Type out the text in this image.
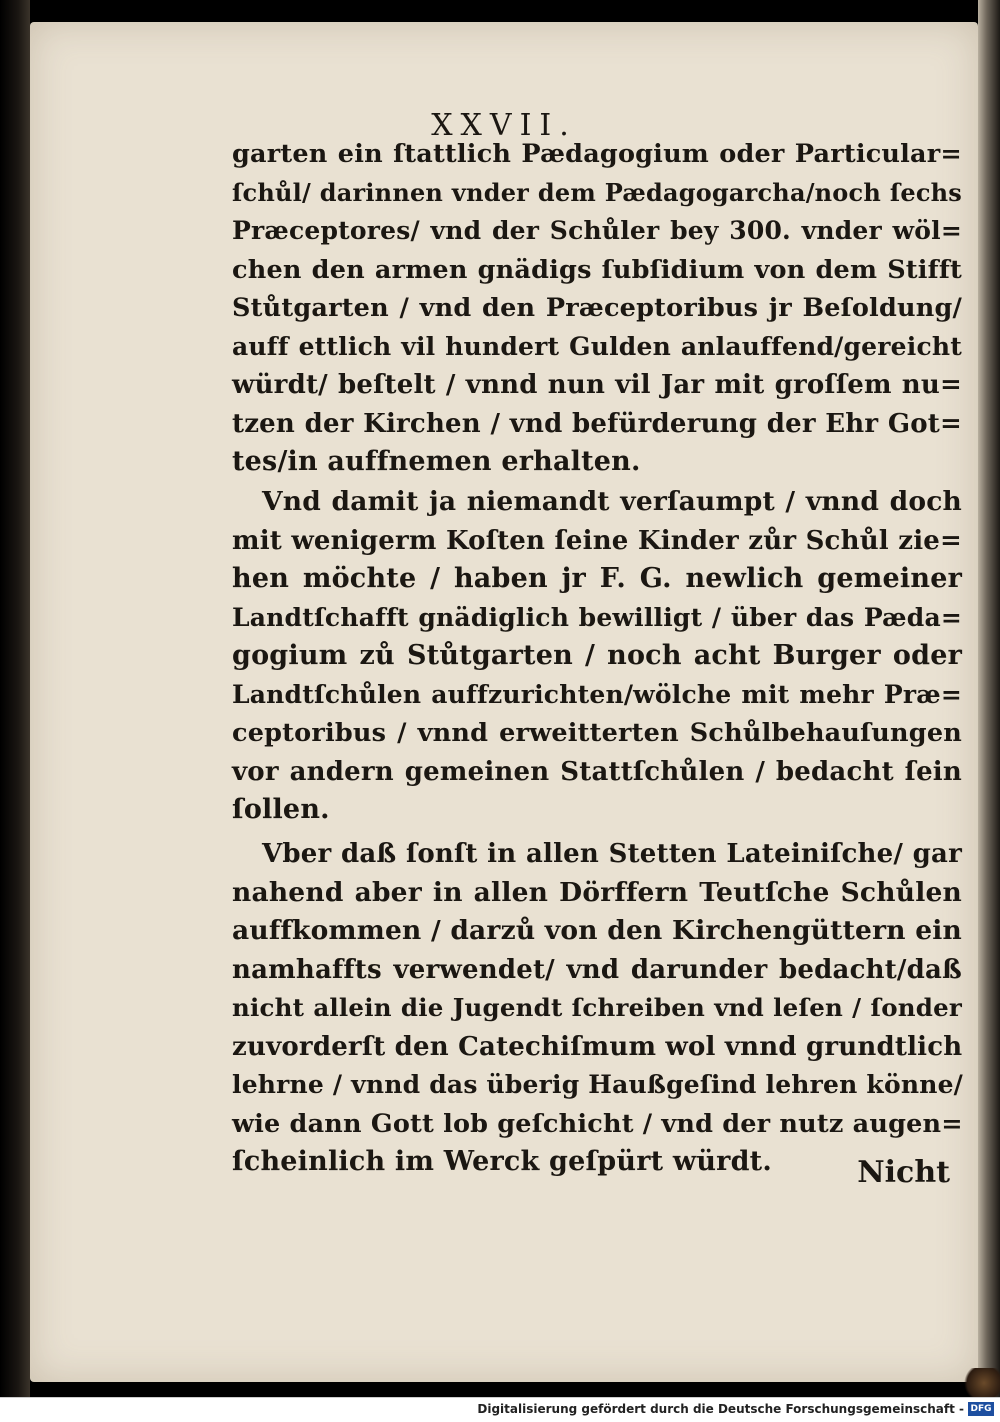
XXVII.
garten ein ſtattlich Pædagogium oder Particular=
ſchůl/ darinnen vnder dem Pædagogarcha/noch ſechs
Præceptores/ vnd der Schůler bey 300. vnder wöl=
chen den armen gnädigs ſubſidium von dem Stifft
Stůtgarten / vnd den Præceptoribus jr Beſoldung/
auff ettlich vil hundert Gulden anlauffend/gereicht
würdt/ beſtelt / vnnd nun vil Jar mit groſſem nu=
tzen der Kirchen / vnd befürderung der Ehr Got=
tes/in auffnemen erhalten.
Vnd damit ja niemandt verſaumpt / vnnd doch
mit wenigerm Koſten ſeine Kinder zůr Schůl zie=
hen möchte / haben jr F. G. newlich gemeiner
Landtſchafft gnädiglich bewilligt / über das Pæda=
gogium zů Stůtgarten / noch acht Burger oder
Landtſchůlen auffzurichten/wölche mit mehr Præ=
ceptoribus / vnnd erweitterten Schůlbehauſungen
vor andern gemeinen Stattſchůlen / bedacht ſein
ſollen.
Vber daß ſonſt in allen Stetten Lateiniſche/ gar
nahend aber in allen Dörffern Teutſche Schůlen
auffkommen / darzů von den Kirchengüttern ein
namhaffts verwendet/ vnd darunder bedacht/daß
nicht allein die Jugendt ſchreiben vnd leſen / ſonder
zuvorderſt den Catechiſmum wol vnnd grundtlich
lehrne / vnnd das überig Haußgeſind lehren könne/
wie dann Gott lob geſchicht / vnd der nutz augen=
ſcheinlich im Werck geſpürt würdt.	Nicht
Digitalisierung gefördert durch die Deutsche Forschungsgemeinschaft - DFG
